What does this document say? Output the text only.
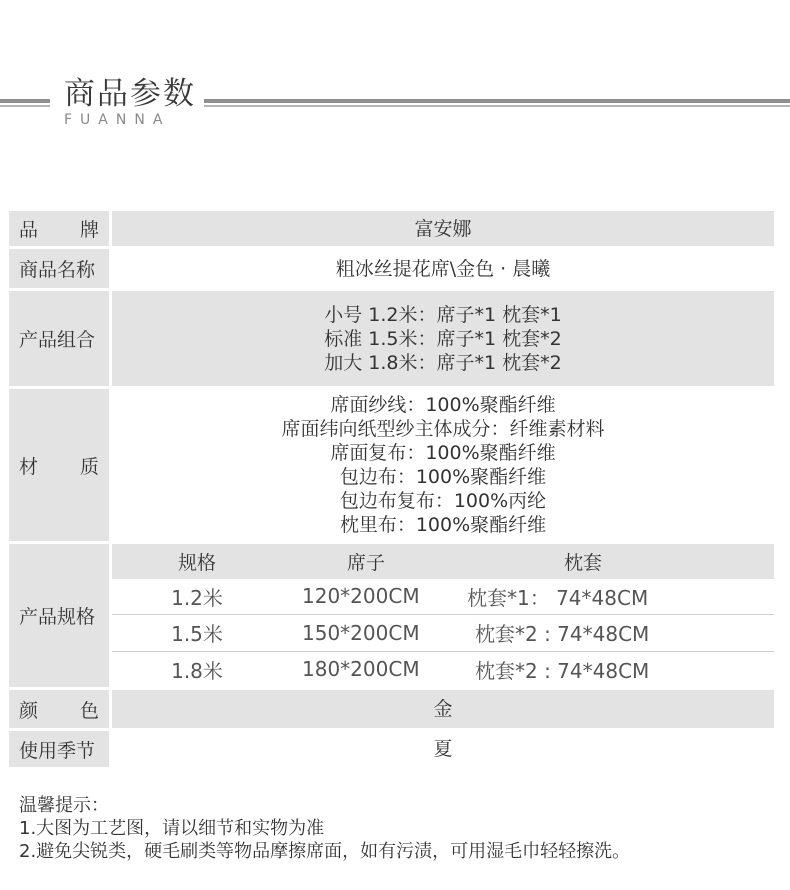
商品参数
FUANNA
品 牌	富安娜
商品名称	粗冰丝提花席\金色 · 晨曦
产品组合
小号 1.2米：席子*1 枕套*1
标准 1.5米：席子*1 枕套*2
加大 1.8米：席子*1 枕套*2
材 质
席面纱线：100%聚酯纤维
席面纬向纸型纱主体成分：纤维素材料
席面复布：100%聚酯纤维
包边布：100%聚酯纤维
包边布复布：100%丙纶
枕里布：100%聚酯纤维
产品规格
规格	席子	枕套
1.2米	120*200CM	枕套*1： 74*48CM
1.5米	150*200CM	枕套*2 : 74*48CM
1.8米	180*200CM	枕套*2 : 74*48CM
颜 色	金
使用季节	夏
温馨提示：
1.大图为工艺图，请以细节和实物为准
2.避免尖锐类，硬毛刷类等物品摩擦席面，如有污渍，可用湿毛巾轻轻擦洗。
